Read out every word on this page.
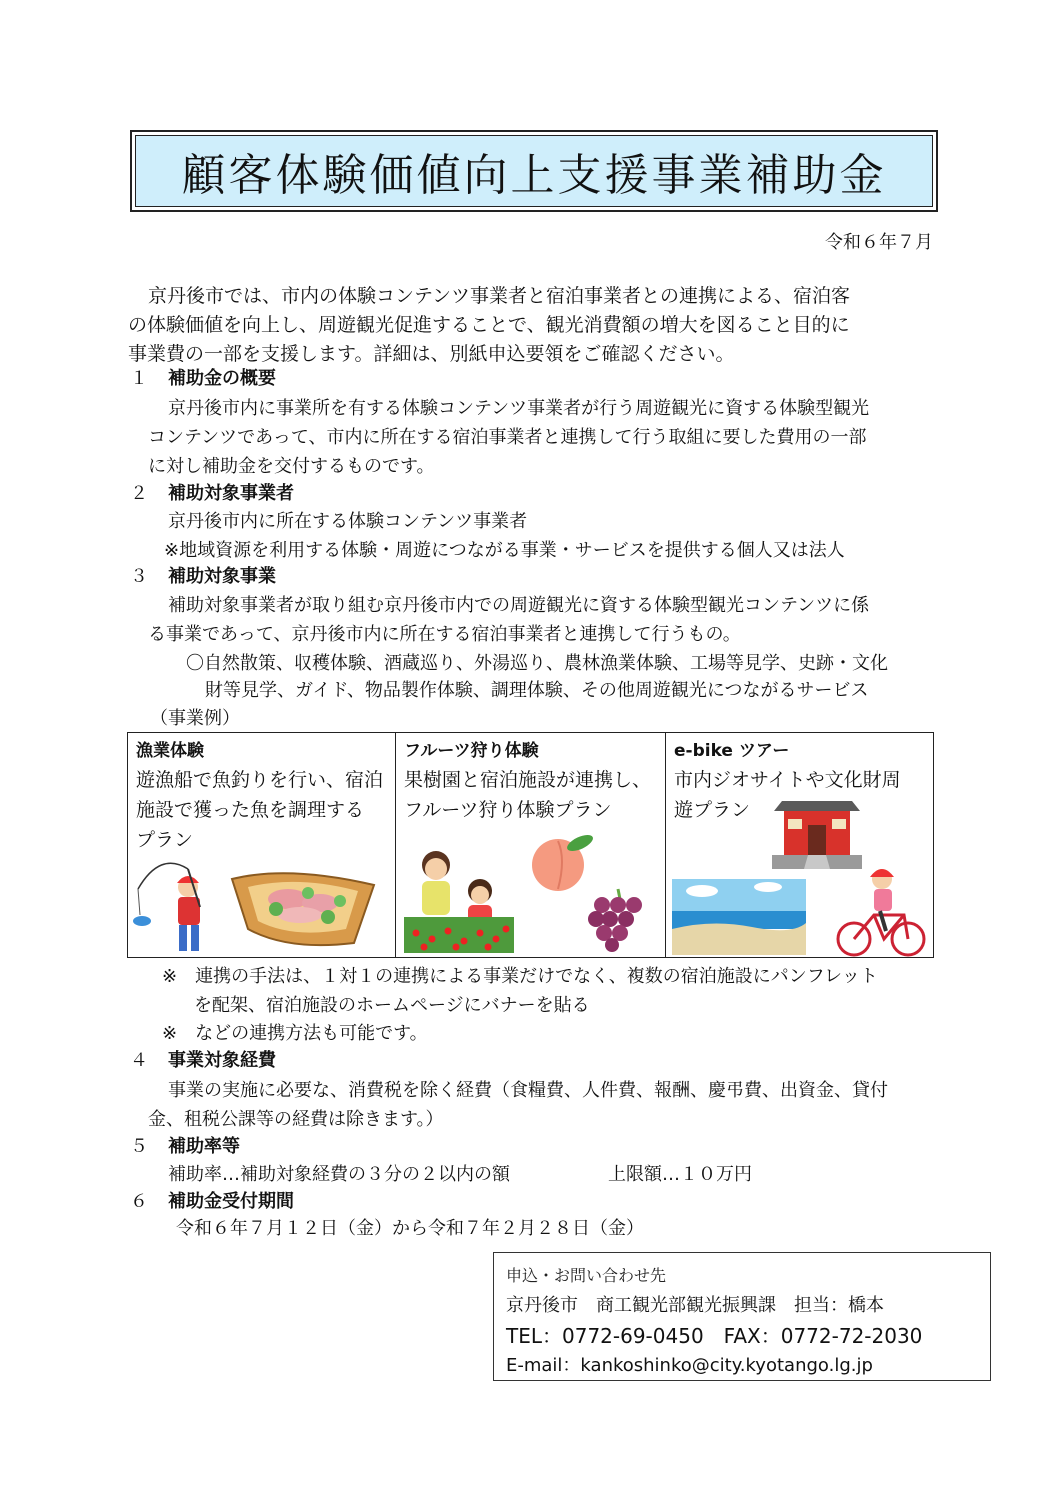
顧客体験価値向上支援事業補助金
令和６年７月
京丹後市では、市内の体験コンテンツ事業者と宿泊事業者との連携による、宿泊客
の体験価値を向上し、周遊観光促進することで、観光消費額の増大を図ること目的に
事業費の一部を支援します。詳細は、別紙申込要領をご確認ください。
１ 補助金の概要
京丹後市内に事業所を有する体験コンテンツ事業者が行う周遊観光に資する体験型観光
コンテンツであって、市内に所在する宿泊事業者と連携して行う取組に要した費用の一部
に対し補助金を交付するものです。
２ 補助対象事業者
京丹後市内に所在する体験コンテンツ事業者
※地域資源を利用する体験・周遊につながる事業・サービスを提供する個人又は法人
３ 補助対象事業
補助対象事業者が取り組む京丹後市内での周遊観光に資する体験型観光コンテンツに係
る事業であって、京丹後市内に所在する宿泊事業者と連携して行うもの。
〇自然散策、収穫体験、酒蔵巡り、外湯巡り、農林漁業体験、工場等見学、史跡・文化
財等見学、ガイド、物品製作体験、調理体験、その他周遊観光につながるサービス
（事業例）
漁業体験
遊漁船で魚釣りを行い、宿泊
施設で獲った魚を調理する
プラン
フルーツ狩り体験
果樹園と宿泊施設が連携し、
フルーツ狩り体験プラン
e-bike ツアー
市内ジオサイトや文化財周
遊プラン
※　連携の手法は、１対１の連携による事業だけでなく、複数の宿泊施設にパンフレット
を配架、宿泊施設のホームページにバナーを貼る
※　などの連携方法も可能です。
４ 事業対象経費
事業の実施に必要な、消費税を除く経費（食糧費、人件費、報酬、慶弔費、出資金、貸付
金、租税公課等の経費は除きます。）
５ 補助率等
補助率…補助対象経費の３分の２以内の額	上限額…１０万円
６ 補助金受付期間
令和６年７月１２日（金）から令和７年２月２８日（金）
申込・お問い合わせ先
京丹後市　商工観光部観光振興課　担当：橋本
TEL：0772-69-0450　FAX：0772-72-2030
E-mail：kankoshinko@city.kyotango.lg.jp
